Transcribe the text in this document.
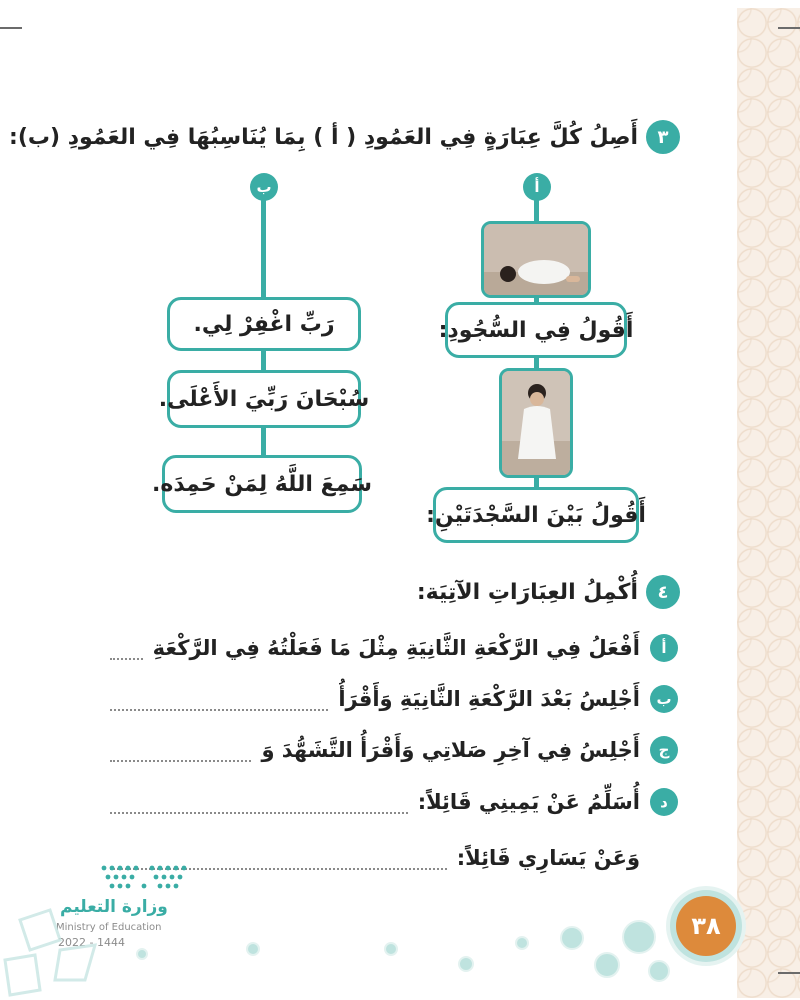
٣
أَصِلُ كُلَّ عِبَارَةٍ فِي العَمُودِ ( أ ) بِمَا يُنَاسِبُهَا فِي العَمُودِ (ب):
أ
أَقُولُ فِي السُّجُودِ:
أَقُولُ بَيْنَ السَّجْدَتَيْنِ:
ب
رَبِّ اغْفِرْ لِي.
سُبْحَانَ رَبِّيَ الأَعْلَى.
سَمِعَ اللَّهُ لِمَنْ حَمِدَه.
٤
أُكْمِلُ العِبَارَاتِ الآتِيَة:
أ
أَفْعَلُ فِي الرَّكْعَةِ الثَّانِيَةِ مِثْلَ مَا فَعَلْتُهُ فِي الرَّكْعَةِ
ب
أَجْلِسُ بَعْدَ الرَّكْعَةِ الثَّانِيَةِ وَأَقْرَأُ
ج
أَجْلِسُ فِي آخِرِ صَلاتِي وَأَقْرَأُ التَّشَهُّدَ وَ
د
أُسَلِّمُ عَنْ يَمِينِي قَائِلاً:
وَعَنْ يَسَارِي قَائِلاً:
وزارة التعليم
Ministry of Education
2022 - 1444
٣٨
